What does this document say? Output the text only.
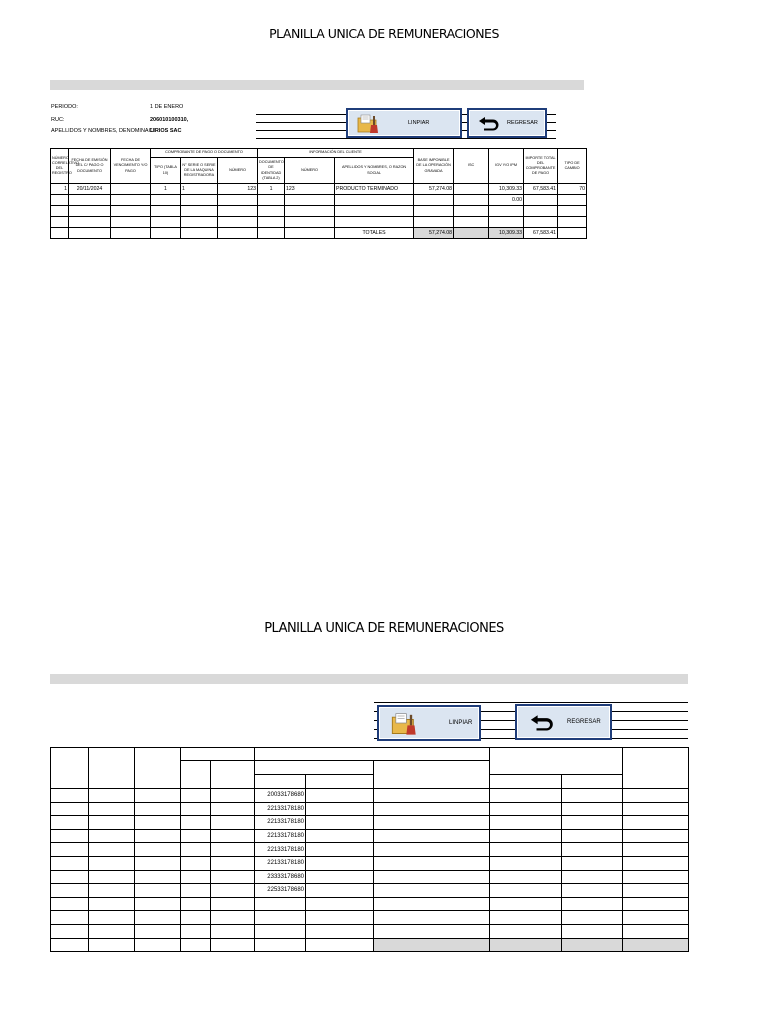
PLANILLA UNICA DE REMUNERACIONES
PERIODO:	1 DE ENERO
RUC:	206010100310,
APELLIDOS Y NOMBRES, DENOMINACI
LIRIOS SAC
LINPIAR	REGRESAR
NÚMERO CORRELATIVO DEL REGISTRO	FECHA DE EMISIÓN DEL C/ PAGO O DOCUMENTO	FECHA DE VENCIMIENTO Y/O PAGO	COMPROBANTE DE PAGO O DOCUMENTO			INFORMACIÓN DEL CLIENTE			BASE IMPONIBLE DE LA OPERACIÓN GRAVADA	ISC	IGV Y/O IPM	IMPORTE TOTAL DEL COMPROBANTE DE PAGO	TIPO DE CAMBIO
			TIPO (TABLA 10)	N° SERIE O SERIE DE LA MAQUINA REGISTRADORA	NÚMERO	DOCUMENTO DE IDENTIDAD (TABLA 2)	NÚMERO	APELLIDOS Y NOMBRES, O RAZON SOCIAL					
1	20/11/2024		1	1	123	1	123	PRODUCTO TERMINADO	57,274.08		10,309.33	67,583.41	70
											0.00		

								TOTALES	57,274.08		10,309.33	67,583.41	
PLANILLA UNICA DE REMUNERACIONES
LINPIAR	REGRESAR

					20033178680					
					22133178180					
					22133178180					
					22133178180					
					22133178180					
					22133178180					
					23333178680					
					22533178680					
